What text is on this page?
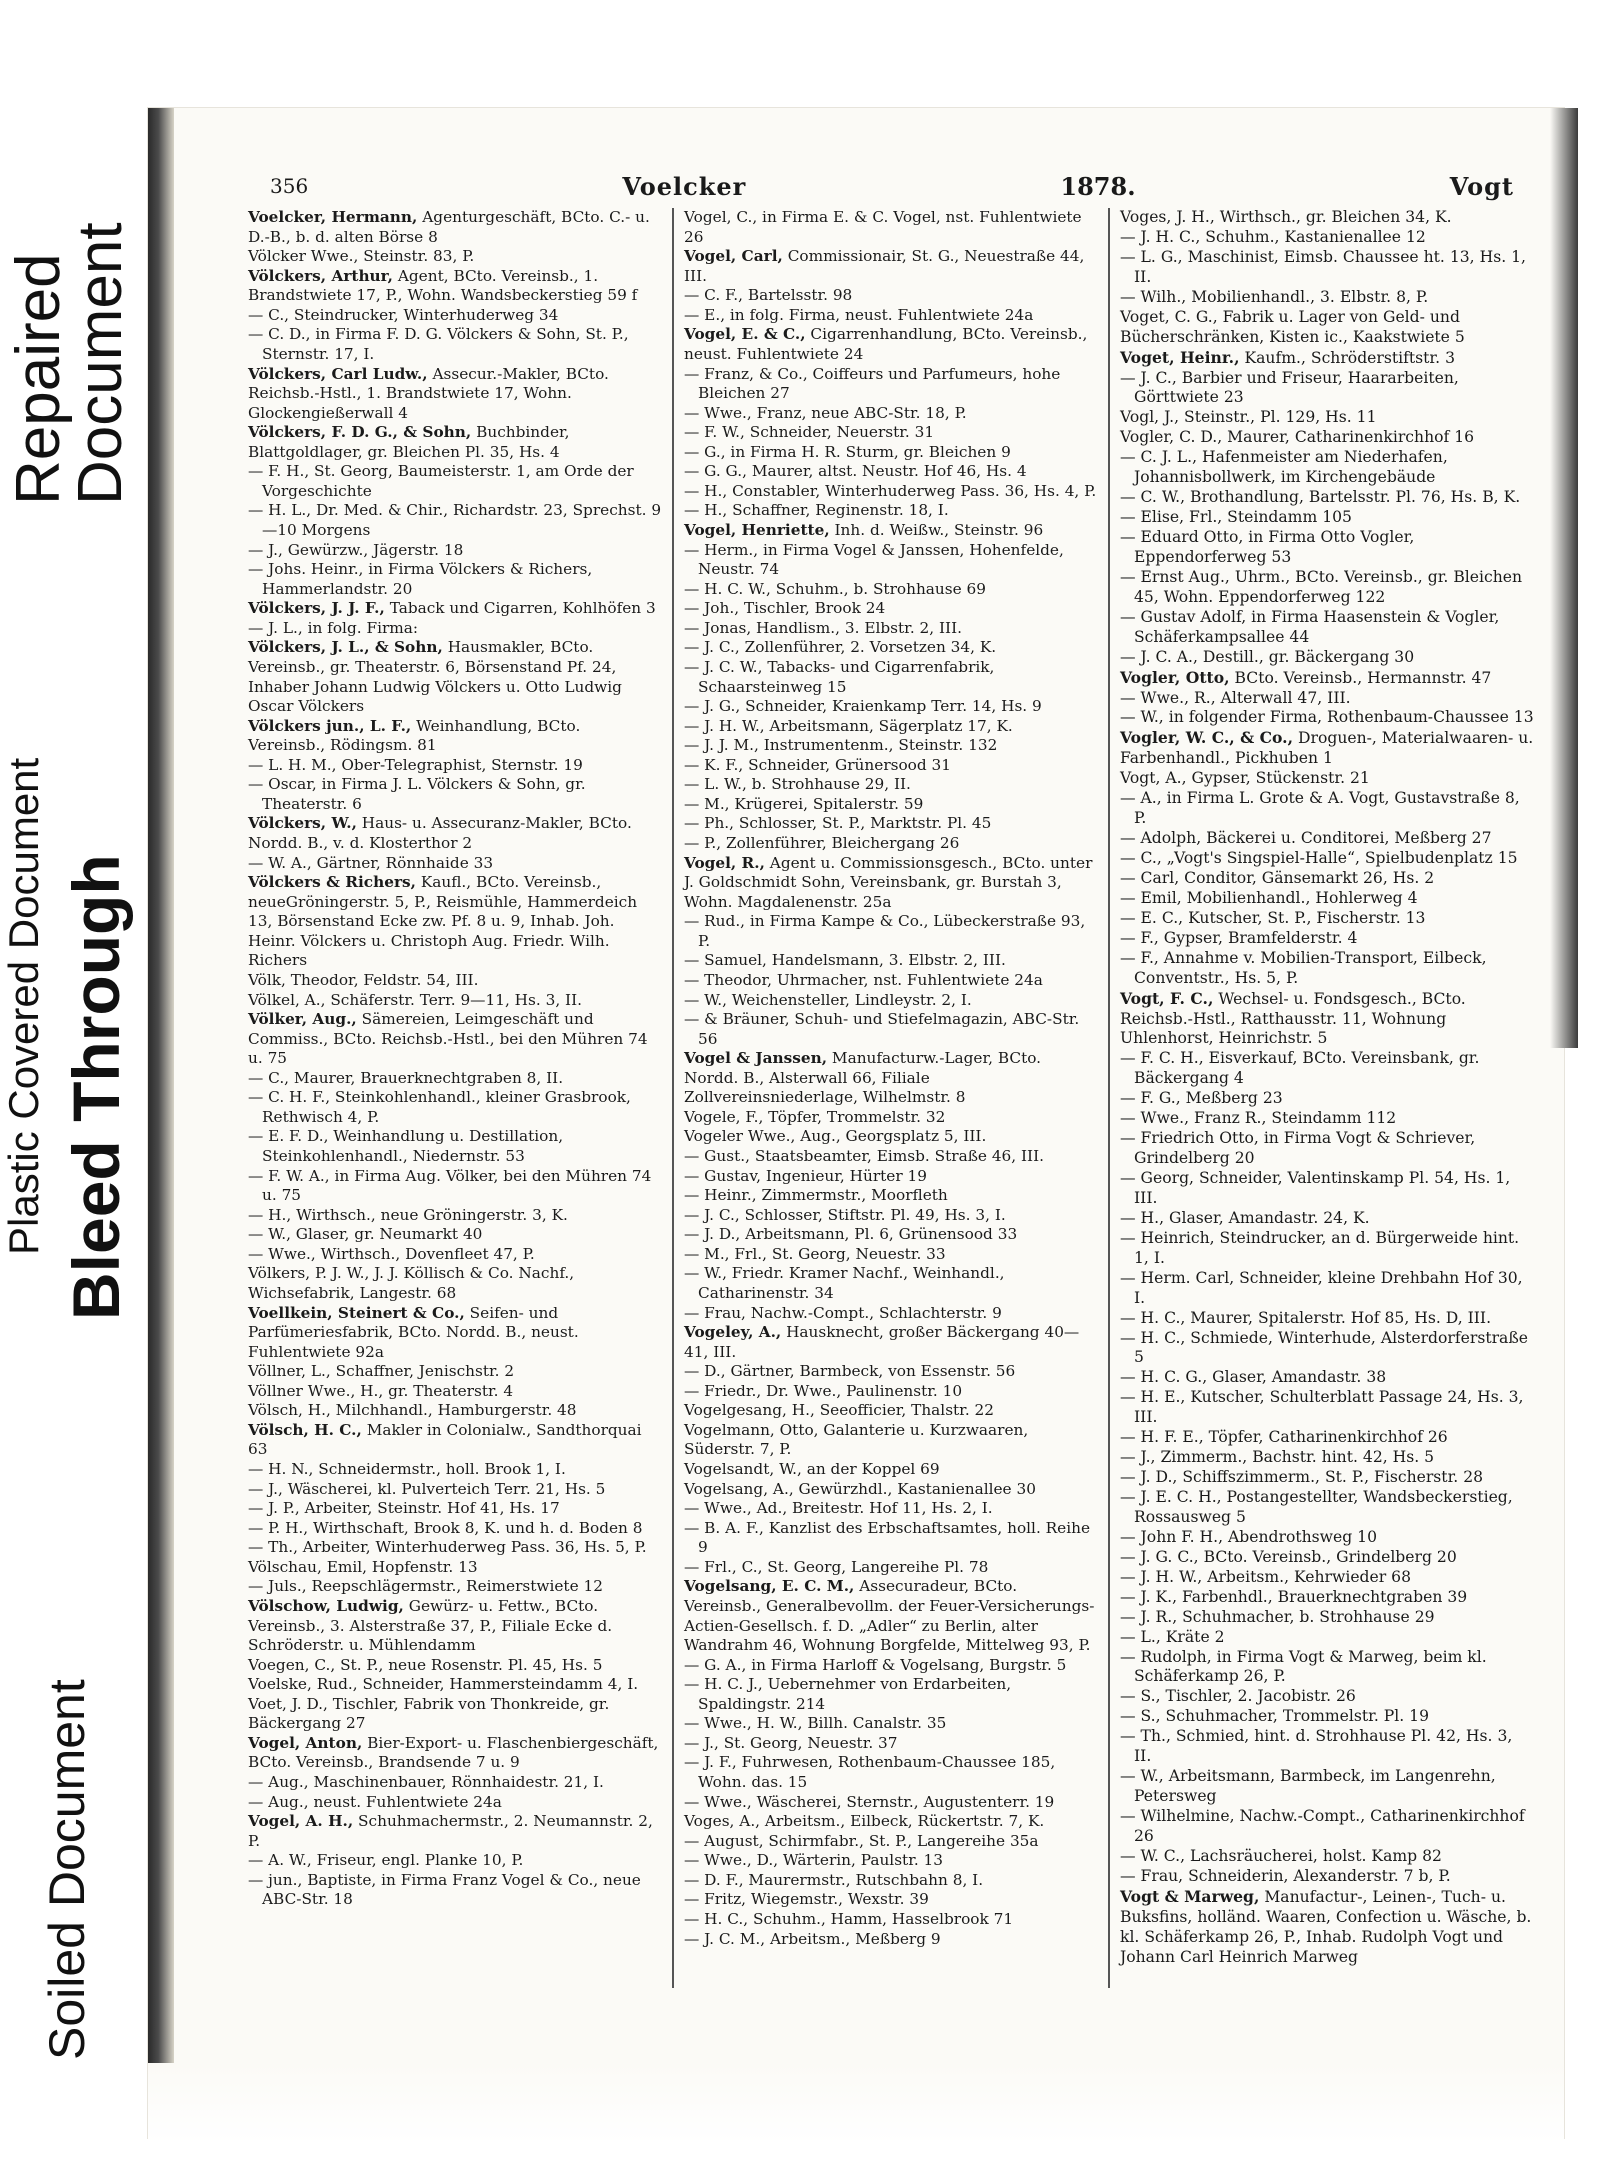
Repaired Document
Plastic Covered Document Bleed Through
Soiled Document
356	Voelcker	1878.	Vogt

Voelcker, Hermann, Agenturgeschäft, BCto. C.- u. D.-B., b. d. alten Börse 8

Völcker Wwe., Steinstr. 83, P.

Völckers, Arthur, Agent, BCto. Vereinsb., 1. Brandstwiete 17, P., Wohn. Wandsbeckerstieg 59 f

— C., Steindrucker, Winterhuderweg 34

— C. D., in Firma F. D. G. Völckers & Sohn, St. P., Sternstr. 17, I.

Völckers, Carl Ludw., Assecur.-Makler, BCto. Reichsb.-Hstl., 1. Brandstwiete 17, Wohn. Glockengießerwall 4

Völckers, F. D. G., & Sohn, Buchbinder, Blattgoldlager, gr. Bleichen Pl. 35, Hs. 4

— F. H., St. Georg, Baumeisterstr. 1, am Orde der Vorgeschichte

— H. L., Dr. Med. & Chir., Richardstr. 23, Sprechst. 9—10 Morgens

— J., Gewürzw., Jägerstr. 18

— Johs. Heinr., in Firma Völckers & Richers, Hammerlandstr. 20

Völckers, J. J. F., Taback und Cigarren, Kohlhöfen 3

— J. L., in folg. Firma:

Völckers, J. L., & Sohn, Hausmakler, BCto. Vereinsb., gr. Theaterstr. 6, Börsenstand Pf. 24, Inhaber Johann Ludwig Völckers u. Otto Ludwig Oscar Völckers

Völckers jun., L. F., Weinhandlung, BCto. Vereinsb., Rödingsm. 81

— L. H. M., Ober-Telegraphist, Sternstr. 19

— Oscar, in Firma J. L. Völckers & Sohn, gr. Theaterstr. 6

Völckers, W., Haus- u. Assecuranz-Makler, BCto. Nordd. B., v. d. Klosterthor 2

— W. A., Gärtner, Rönnhaide 33

Völckers & Richers, Kaufl., BCto. Vereinsb., neueGröningerstr. 5, P., Reismühle, Hammerdeich 13, Börsenstand Ecke zw. Pf. 8 u. 9, Inhab. Joh. Heinr. Völckers u. Christoph Aug. Friedr. Wilh. Richers

Völk, Theodor, Feldstr. 54, III.

Völkel, A., Schäferstr. Terr. 9—11, Hs. 3, II.

Völker, Aug., Sämereien, Leimgeschäft und Commiss., BCto. Reichsb.-Hstl., bei den Mühren 74 u. 75

— C., Maurer, Brauerknechtgraben 8, II.

— C. H. F., Steinkohlenhandl., kleiner Grasbrook, Rethwisch 4, P.

— E. F. D., Weinhandlung u. Destillation, Steinkohlenhandl., Niedernstr. 53

— F. W. A., in Firma Aug. Völker, bei den Mühren 74 u. 75

— H., Wirthsch., neue Gröningerstr. 3, K.

— W., Glaser, gr. Neumarkt 40

— Wwe., Wirthsch., Dovenfleet 47, P.

Völkers, P. J. W., J. J. Köllisch & Co. Nachf., Wichsefabrik, Langestr. 68

Voellkein, Steinert & Co., Seifen- und Parfümeriesfabrik, BCto. Nordd. B., neust. Fuhlentwiete 92a

Völlner, L., Schaffner, Jenischstr. 2

Völlner Wwe., H., gr. Theaterstr. 4

Völsch, H., Milchhandl., Hamburgerstr. 48

Völsch, H. C., Makler in Colonialw., Sandthorquai 63

— H. N., Schneidermstr., holl. Brook 1, I.

— J., Wäscherei, kl. Pulverteich Terr. 21, Hs. 5

— J. P., Arbeiter, Steinstr. Hof 41, Hs. 17

— P. H., Wirthschaft, Brook 8, K. und h. d. Boden 8

— Th., Arbeiter, Winterhuderweg Pass. 36, Hs. 5, P.

Völschau, Emil, Hopfenstr. 13

— Juls., Reepschlägermstr., Reimerstwiete 12

Völschow, Ludwig, Gewürz- u. Fettw., BCto. Vereinsb., 3. Alsterstraße 37, P., Filiale Ecke d. Schröderstr. u. Mühlendamm

Voegen, C., St. P., neue Rosenstr. Pl. 45, Hs. 5

Voelske, Rud., Schneider, Hammersteindamm 4, I.

Voet, J. D., Tischler, Fabrik von Thonkreide, gr. Bäckergang 27

Vogel, Anton, Bier-Export- u. Flaschenbiergeschäft, BCto. Vereinsb., Brandsende 7 u. 9

— Aug., Maschinenbauer, Rönnhaidestr. 21, I.

— Aug., neust. Fuhlentwiete 24a

Vogel, A. H., Schuhmachermstr., 2. Neumannstr. 2, P.

— A. W., Friseur, engl. Planke 10, P.

— jun., Baptiste, in Firma Franz Vogel & Co., neue ABC-Str. 18

Vogel, C., in Firma E. & C. Vogel, nst. Fuhlentwiete 26

Vogel, Carl, Commissionair, St. G., Neuestraße 44, III.

— C. F., Bartelsstr. 98

— E., in folg. Firma, neust. Fuhlentwiete 24a

Vogel, E. & C., Cigarrenhandlung, BCto. Vereinsb., neust. Fuhlentwiete 24

— Franz, & Co., Coiffeurs und Parfumeurs, hohe Bleichen 27

— Wwe., Franz, neue ABC-Str. 18, P.

— F. W., Schneider, Neuerstr. 31

— G., in Firma H. R. Sturm, gr. Bleichen 9

— G. G., Maurer, altst. Neustr. Hof 46, Hs. 4

— H., Constabler, Winterhuderweg Pass. 36, Hs. 4, P.

— H., Schaffner, Reginenstr. 18, I.

Vogel, Henriette, Inh. d. Weißw., Steinstr. 96

— Herm., in Firma Vogel & Janssen, Hohenfelde, Neustr. 74

— H. C. W., Schuhm., b. Strohhause 69

— Joh., Tischler, Brook 24

— Jonas, Handlism., 3. Elbstr. 2, III.

— J. C., Zollenführer, 2. Vorsetzen 34, K.

— J. C. W., Tabacks- und Cigarrenfabrik, Schaarsteinweg 15

— J. G., Schneider, Kraienkamp Terr. 14, Hs. 9

— J. H. W., Arbeitsmann, Sägerplatz 17, K.

— J. J. M., Instrumentenm., Steinstr. 132

— K. F., Schneider, Grünersood 31

— L. W., b. Strohhause 29, II.

— M., Krügerei, Spitalerstr. 59

— Ph., Schlosser, St. P., Marktstr. Pl. 45

— P., Zollenführer, Bleichergang 26

Vogel, R., Agent u. Commissionsgesch., BCto. unter J. Goldschmidt Sohn, Vereinsbank, gr. Burstah 3, Wohn. Magdalenenstr. 25a

— Rud., in Firma Kampe & Co., Lübeckerstraße 93, P.

— Samuel, Handelsmann, 3. Elbstr. 2, III.

— Theodor, Uhrmacher, nst. Fuhlentwiete 24a

— W., Weichensteller, Lindleystr. 2, I.

— & Bräuner, Schuh- und Stiefelmagazin, ABC-Str. 56

Vogel & Janssen, Manufacturw.-Lager, BCto. Nordd. B., Alsterwall 66, Filiale Zollvereinsniederlage, Wilhelmstr. 8

Vogele, F., Töpfer, Trommelstr. 32

Vogeler Wwe., Aug., Georgsplatz 5, III.

— Gust., Staatsbeamter, Eimsb. Straße 46, III.

— Gustav, Ingenieur, Hürter 19

— Heinr., Zimmermstr., Moorfleth

— J. C., Schlosser, Stiftstr. Pl. 49, Hs. 3, I.

— J. D., Arbeitsmann, Pl. 6, Grünensood 33

— M., Frl., St. Georg, Neuestr. 33

— W., Friedr. Kramer Nachf., Weinhandl., Catharinenstr. 34

— Frau, Nachw.-Compt., Schlachterstr. 9

Vogeley, A., Hausknecht, großer Bäckergang 40—41, III.

— D., Gärtner, Barmbeck, von Essenstr. 56

— Friedr., Dr. Wwe., Paulinenstr. 10

Vogelgesang, H., Seeofficier, Thalstr. 22

Vogelmann, Otto, Galanterie u. Kurzwaaren, Süderstr. 7, P.

Vogelsandt, W., an der Koppel 69

Vogelsang, A., Gewürzhdl., Kastanienallee 30

— Wwe., Ad., Breitestr. Hof 11, Hs. 2, I.

— B. A. F., Kanzlist des Erbschaftsamtes, holl. Reihe 9

— Frl., C., St. Georg, Langereihe Pl. 78

Vogelsang, E. C. M., Assecuradeur, BCto. Vereinsb., Generalbevollm. der Feuer-Versicherungs-Actien-Gesellsch. f. D. „Adler“ zu Berlin, alter Wandrahm 46, Wohnung Borgfelde, Mittelweg 93, P.

— G. A., in Firma Harloff & Vogelsang, Burgstr. 5

— H. C. J., Uebernehmer von Erdarbeiten, Spaldingstr. 214

— Wwe., H. W., Billh. Canalstr. 35

— J., St. Georg, Neuestr. 37

— J. F., Fuhrwesen, Rothenbaum-Chaussee 185, Wohn. das. 15

— Wwe., Wäscherei, Sternstr., Augustenterr. 19

Voges, A., Arbeitsm., Eilbeck, Rückertstr. 7, K.

— August, Schirmfabr., St. P., Langereihe 35a

— Wwe., D., Wärterin, Paulstr. 13

— D. F., Maurermstr., Rutschbahn 8, I.

— Fritz, Wiegemstr., Wexstr. 39

— H. C., Schuhm., Hamm, Hasselbrook 71

— J. C. M., Arbeitsm., Meßberg 9

Voges, J. H., Wirthsch., gr. Bleichen 34, K.

— J. H. C., Schuhm., Kastanienallee 12

— L. G., Maschinist, Eimsb. Chaussee ht. 13, Hs. 1, II.

— Wilh., Mobilienhandl., 3. Elbstr. 8, P.

Voget, C. G., Fabrik u. Lager von Geld- und Bücherschränken, Kisten ic., Kaakstwiete 5

Voget, Heinr., Kaufm., Schröderstiftstr. 3

— J. C., Barbier und Friseur, Haararbeiten, Görttwiete 23

Vogl, J., Steinstr., Pl. 129, Hs. 11

Vogler, C. D., Maurer, Catharinenkirchhof 16

— C. J. L., Hafenmeister am Niederhafen, Johannisbollwerk, im Kirchengebäude

— C. W., Brothandlung, Bartelsstr. Pl. 76, Hs. B, K.

— Elise, Frl., Steindamm 105

— Eduard Otto, in Firma Otto Vogler, Eppendorferweg 53

— Ernst Aug., Uhrm., BCto. Vereinsb., gr. Bleichen 45, Wohn. Eppendorferweg 122

— Gustav Adolf, in Firma Haasenstein & Vogler, Schäferkampsallee 44

— J. C. A., Destill., gr. Bäckergang 30

Vogler, Otto, BCto. Vereinsb., Hermannstr. 47

— Wwe., R., Alterwall 47, III.

— W., in folgender Firma, Rothenbaum-Chaussee 13

Vogler, W. C., & Co., Droguen-, Materialwaaren- u. Farbenhandl., Pickhuben 1

Vogt, A., Gypser, Stückenstr. 21

— A., in Firma L. Grote & A. Vogt, Gustavstraße 8, P.

— Adolph, Bäckerei u. Conditorei, Meßberg 27

— C., „Vogt's Singspiel-Halle“, Spielbudenplatz 15

— Carl, Conditor, Gänsemarkt 26, Hs. 2

— Emil, Mobilienhandl., Hohlerweg 4

— E. C., Kutscher, St. P., Fischerstr. 13

— F., Gypser, Bramfelderstr. 4

— F., Annahme v. Mobilien-Transport, Eilbeck, Conventstr., Hs. 5, P.

Vogt, F. C., Wechsel- u. Fondsgesch., BCto. Reichsb.-Hstl., Ratthausstr. 11, Wohnung Uhlenhorst, Heinrichstr. 5

— F. C. H., Eisverkauf, BCto. Vereinsbank, gr. Bäckergang 4

— F. G., Meßberg 23

— Wwe., Franz R., Steindamm 112

— Friedrich Otto, in Firma Vogt & Schriever, Grindelberg 20

— Georg, Schneider, Valentinskamp Pl. 54, Hs. 1, III.

— H., Glaser, Amandastr. 24, K.

— Heinrich, Steindrucker, an d. Bürgerweide hint. 1, I.

— Herm. Carl, Schneider, kleine Drehbahn Hof 30, I.

— H. C., Maurer, Spitalerstr. Hof 85, Hs. D, III.

— H. C., Schmiede, Winterhude, Alsterdorferstraße 5

— H. C. G., Glaser, Amandastr. 38

— H. E., Kutscher, Schulterblatt Passage 24, Hs. 3, III.

— H. F. E., Töpfer, Catharinenkirchhof 26

— J., Zimmerm., Bachstr. hint. 42, Hs. 5

— J. D., Schiffszimmerm., St. P., Fischerstr. 28

— J. E. C. H., Postangestellter, Wandsbeckerstieg, Rossausweg 5

— John F. H., Abendrothsweg 10

— J. G. C., BCto. Vereinsb., Grindelberg 20

— J. H. W., Arbeitsm., Kehrwieder 68

— J. K., Farbenhdl., Brauerknechtgraben 39

— J. R., Schuhmacher, b. Strohhause 29

— L., Kräte 2

— Rudolph, in Firma Vogt & Marweg, beim kl. Schäferkamp 26, P.

— S., Tischler, 2. Jacobistr. 26

— S., Schuhmacher, Trommelstr. Pl. 19

— Th., Schmied, hint. d. Strohhause Pl. 42, Hs. 3, II.

— W., Arbeitsmann, Barmbeck, im Langenrehn, Petersweg

— Wilhelmine, Nachw.-Compt., Catharinenkirchhof 26

— W. C., Lachsräucherei, holst. Kamp 82

— Frau, Schneiderin, Alexanderstr. 7 b, P.

Vogt & Marweg, Manufactur-, Leinen-, Tuch- u. Buksfins, holländ. Waaren, Confection u. Wäsche, b. kl. Schäferkamp 26, P., Inhab. Rudolph Vogt und Johann Carl Heinrich Marweg
